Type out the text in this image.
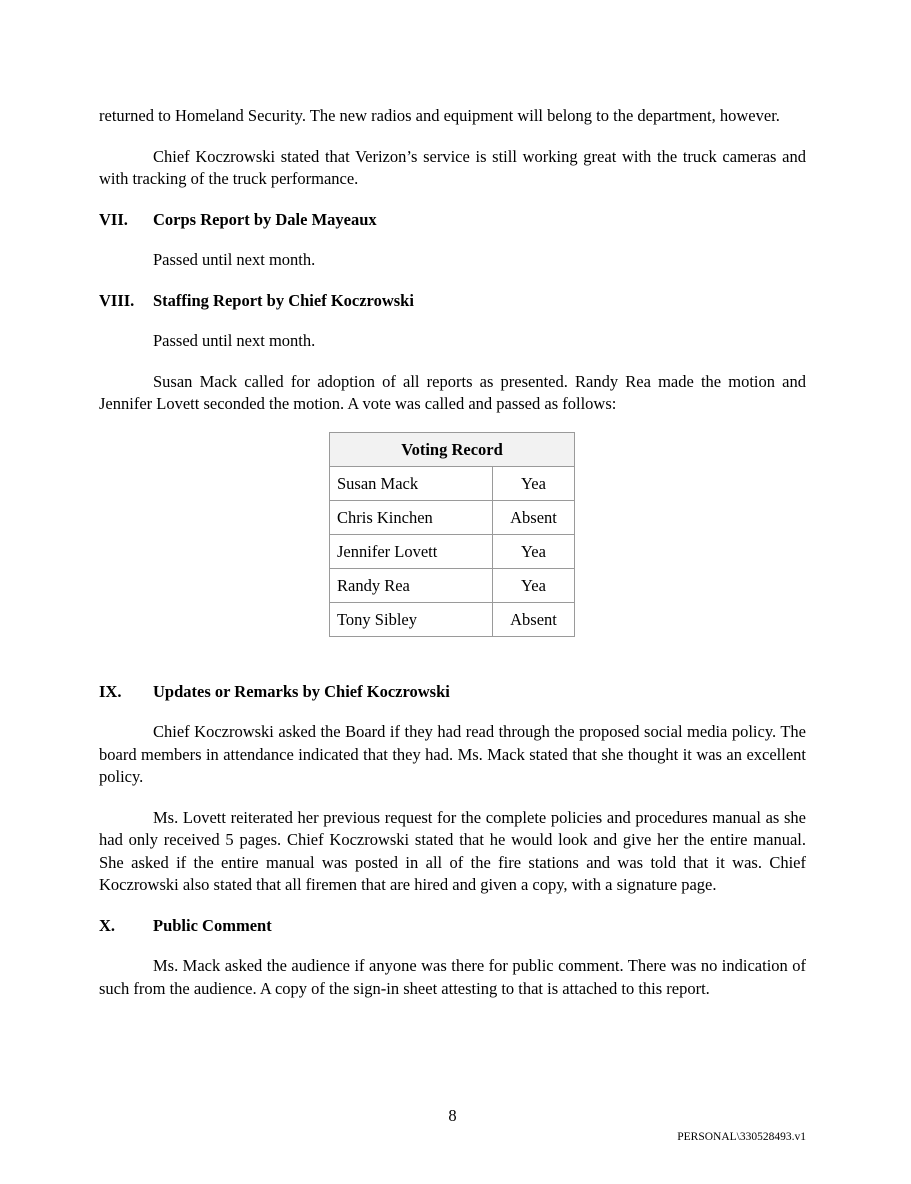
returned to Homeland Security. The new radios and equipment will belong to the department, however.

Chief Koczrowski stated that Verizon’s service is still working great with the truck cameras and with tracking of the truck performance.

VII.	Corps Report by Dale Mayeaux

Passed until next month.

VIII.	Staffing Report by Chief Koczrowski

Passed until next month.

Susan Mack called for adoption of all reports as presented. Randy Rea made the motion and Jennifer Lovett seconded the motion. A vote was called and passed as follows:

Voting Record	
Susan Mack	Yea
Chris Kinchen	Absent
Jennifer Lovett	Yea
Randy Rea	Yea
Tony Sibley	Absent
IX.	Updates or Remarks by Chief Koczrowski

Chief Koczrowski asked the Board if they had read through the proposed social media policy. The board members in attendance indicated that they had. Ms. Mack stated that she thought it was an excellent policy.

Ms. Lovett reiterated her previous request for the complete policies and procedures manual as she had only received 5 pages. Chief Koczrowski stated that he would look and give her the entire manual. She asked if the entire manual was posted in all of the fire stations and was told that it was. Chief Koczrowski also stated that all firemen that are hired and given a copy, with a signature page.

X.	Public Comment

Ms. Mack asked the audience if anyone was there for public comment. There was no indication of such from the audience. A copy of the sign-in sheet attesting to that is attached to this report.

8
PERSONAL\330528493.v1
